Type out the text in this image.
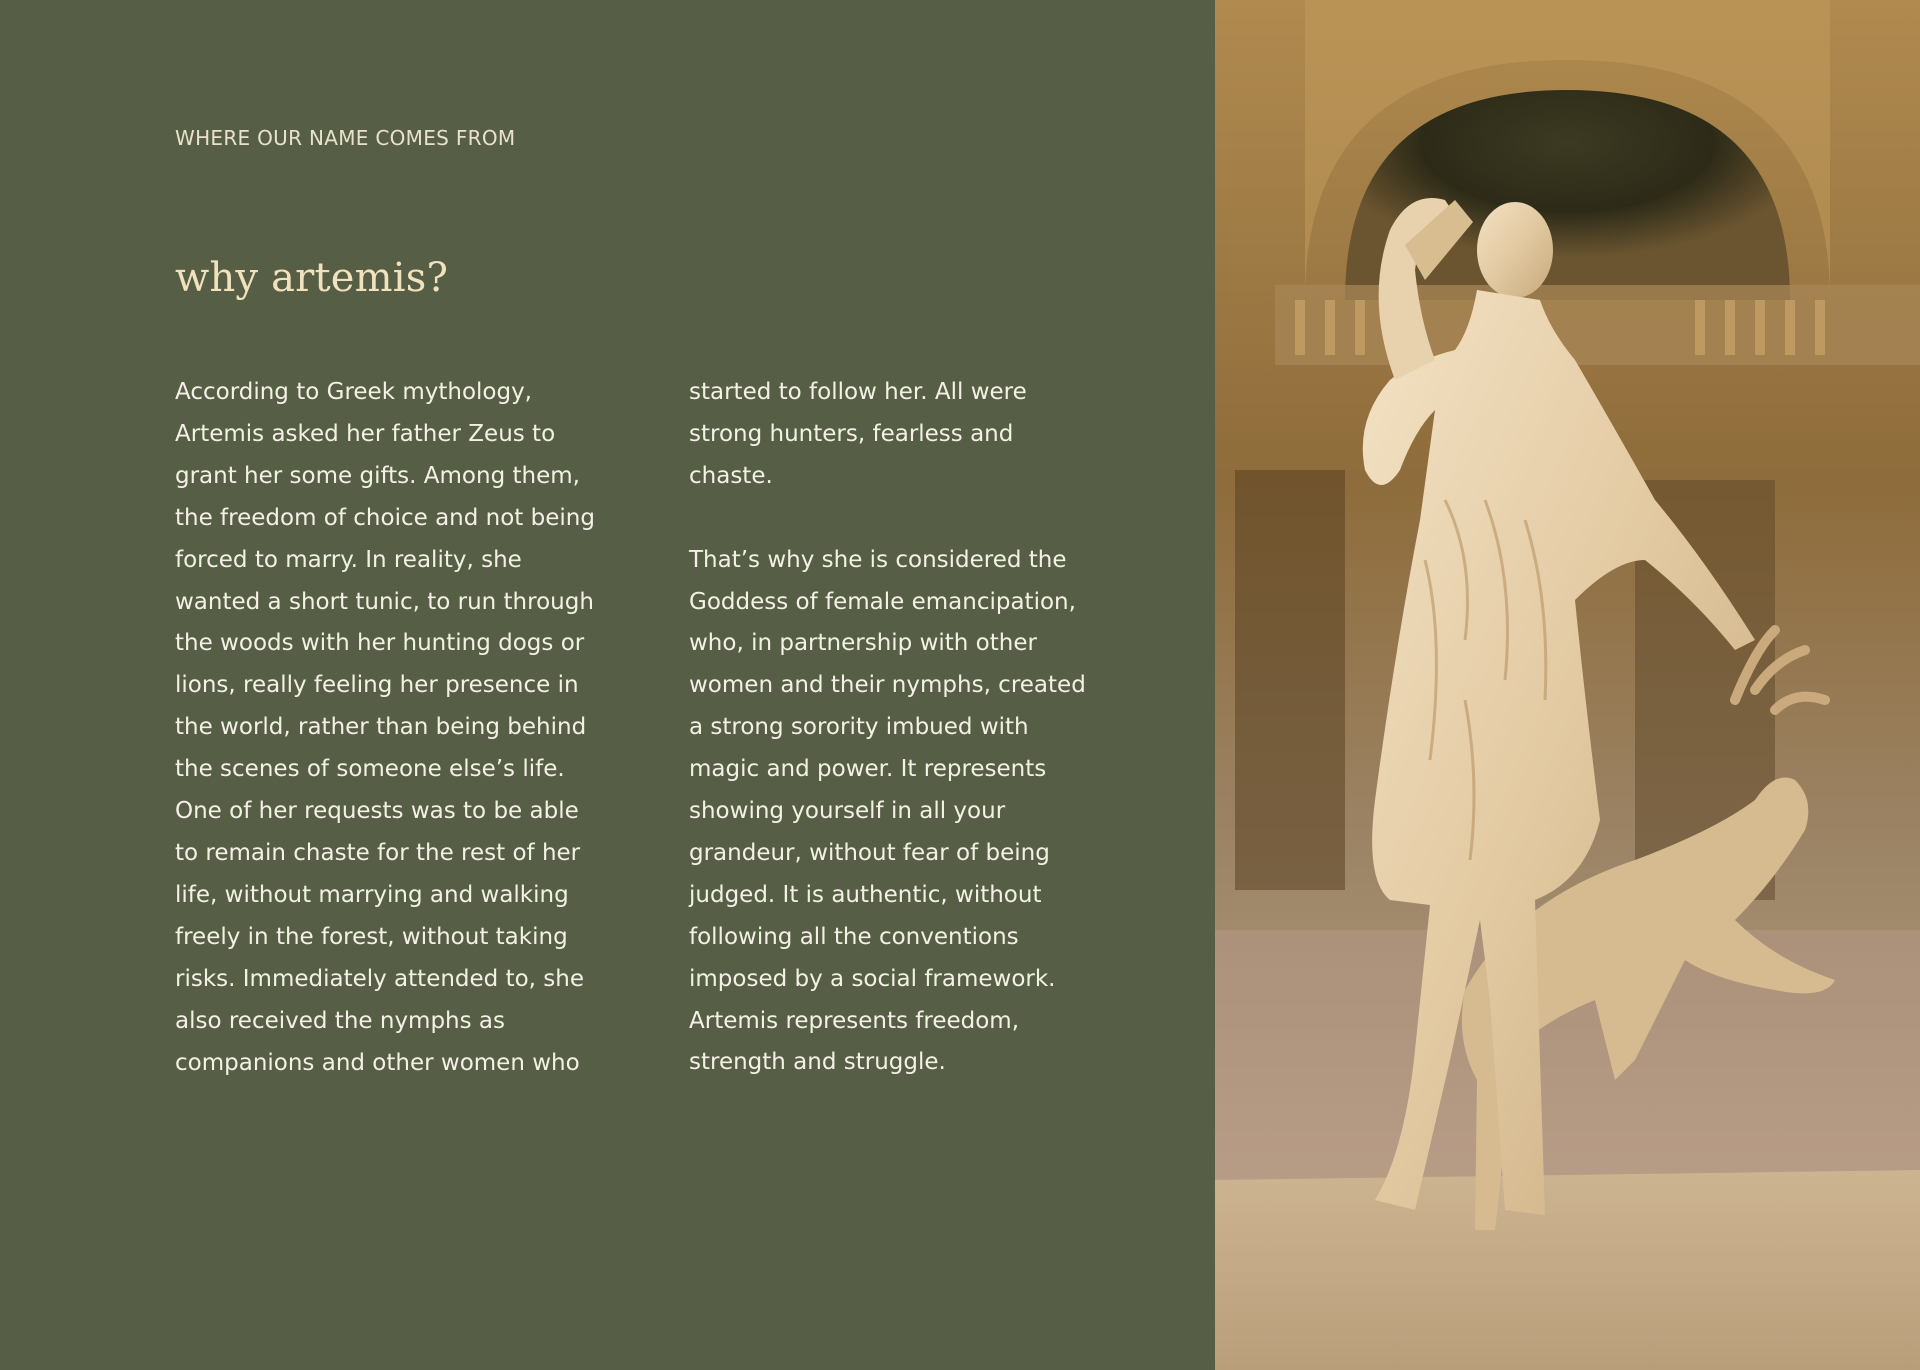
WHERE OUR NAME COMES FROM
why artemis?

According to Greek mythology, Artemis asked her father Zeus to grant her some gifts. Among them, the freedom of choice and not being forced to marry. In reality, she wanted a short tunic, to run through the woods with her hunting dogs or lions, really feeling her presence in the world, rather than being behind the scenes of someone else’s life. One of her requests was to be able to remain chaste for the rest of her life, without marrying and walking freely in the forest, without taking risks. Immediately attended to, she also received the nymphs as companions and other women who

started to follow her. All were strong hunters, fearless and chaste.

That’s why she is considered the Goddess of female emancipation, who, in partnership with other women and their nymphs, created a strong sorority imbued with magic and power. It represents showing yourself in all your grandeur, without fear of being judged. It is authentic, without following all the conventions imposed by a social framework. Artemis represents freedom, strength and struggle.
